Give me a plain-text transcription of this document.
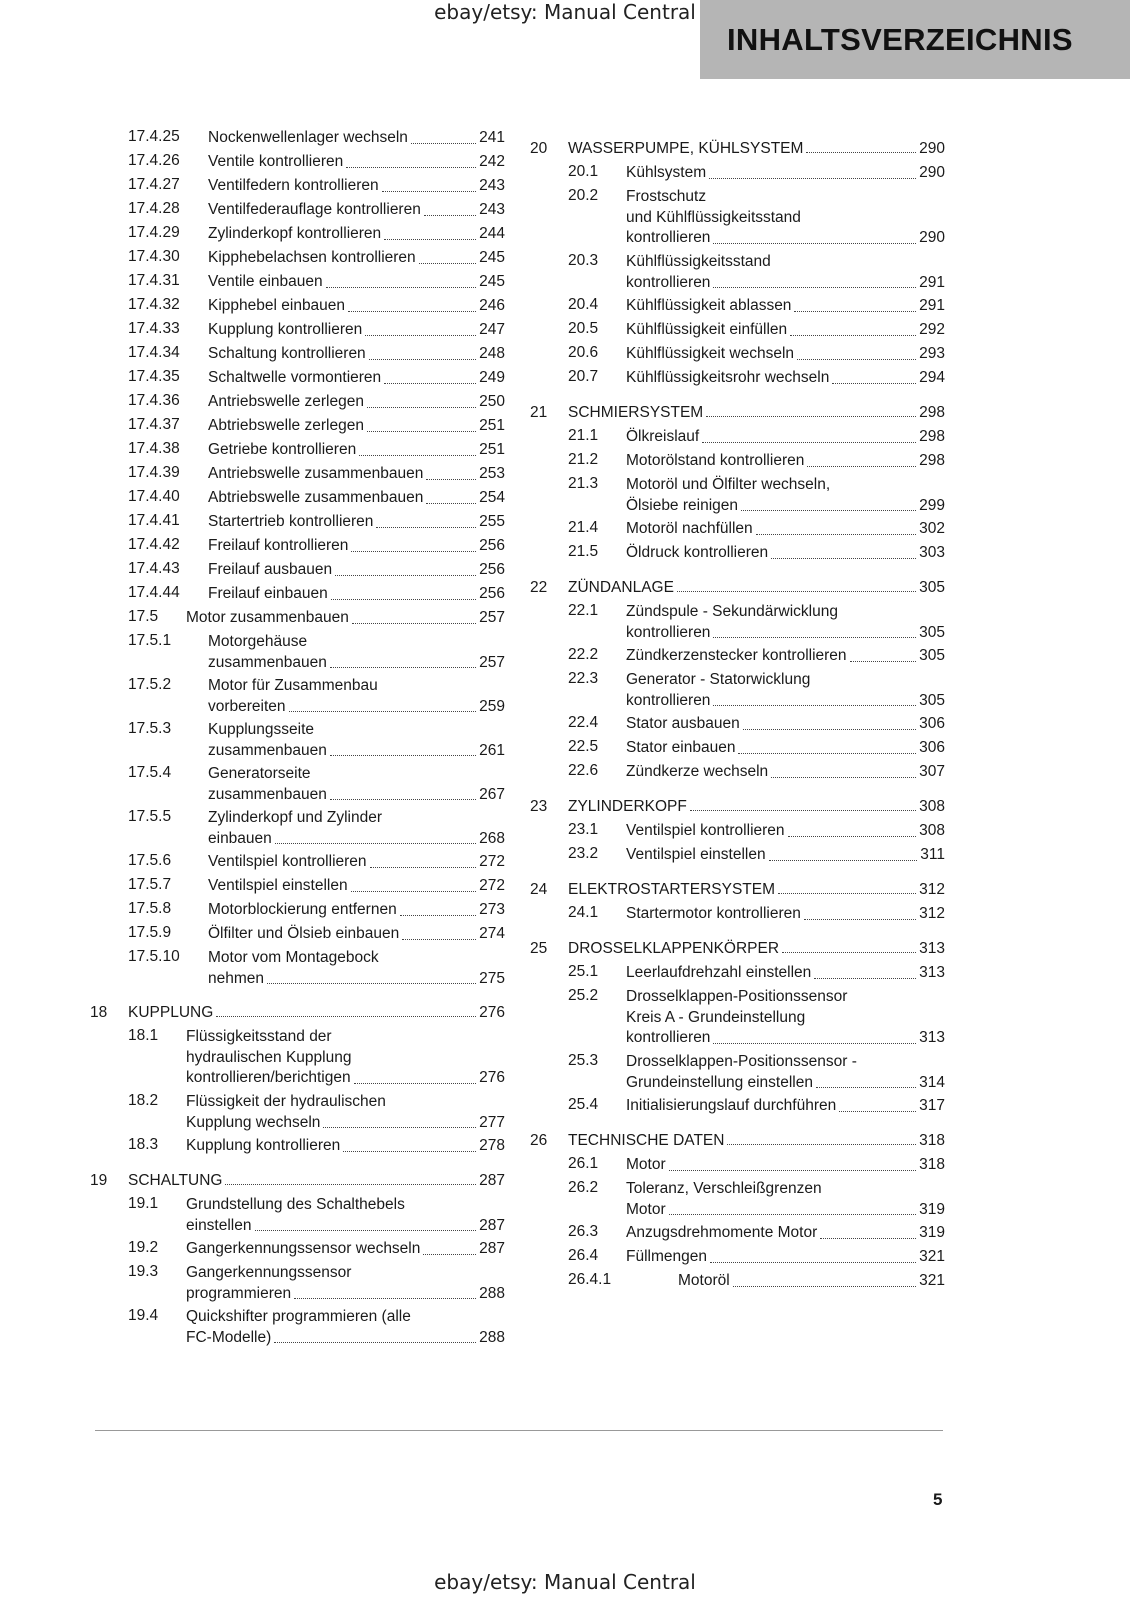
ebay/etsy: Manual Central
INHALTSVERZEICHNIS
17.4.25 Nockenwellenlager wechseln	241
17.4.26 Ventile kontrollieren	242
17.4.27 Ventilfedern kontrollieren	243
17.4.28 Ventilfederauflage kontrollieren	243
17.4.29 Zylinderkopf kontrollieren	244
17.4.30 Kipphebelachsen kontrollieren	245
17.4.31 Ventile einbauen	245
17.4.32 Kipphebel einbauen	246
17.4.33 Kupplung kontrollieren	247
17.4.34 Schaltung kontrollieren	248
17.4.35 Schaltwelle vormontieren	249
17.4.36 Antriebswelle zerlegen	250
17.4.37 Abtriebswelle zerlegen	251
17.4.38 Getriebe kontrollieren	251
17.4.39 Antriebswelle zusammenbauen	253
17.4.40 Abtriebswelle zusammenbauen	254
17.4.41 Startertrieb kontrollieren	255
17.4.42 Freilauf kontrollieren	256
17.4.43 Freilauf ausbauen	256
17.4.44 Freilauf einbauen	256
17.5 Motor zusammenbauen	257
17.5.1 Motorgehäuse
zusammenbauen	257
17.5.2 Motor für Zusammenbau
vorbereiten	259
17.5.3 Kupplungsseite
zusammenbauen	261
17.5.4 Generatorseite
zusammenbauen	267
17.5.5 Zylinderkopf und Zylinder
einbauen	268
17.5.6 Ventilspiel kontrollieren	272
17.5.7 Ventilspiel einstellen	272
17.5.8 Motorblockierung entfernen	273
17.5.9 Ölfilter und Ölsieb einbauen	274
17.5.10 Motor vom Montagebock
nehmen	275
18 KUPPLUNG	276
18.1 Flüssigkeitsstand der
hydraulischen Kupplung
kontrollieren/berichtigen	276
18.2 Flüssigkeit der hydraulischen
Kupplung wechseln	277
18.3 Kupplung kontrollieren	278
19 SCHALTUNG	287
19.1 Grundstellung des Schalthebels
einstellen	287
19.2 Gangerkennungssensor wechseln	287
19.3 Gangerkennungssensor
programmieren	288
19.4 Quickshifter programmieren (alle
FC-Modelle)	288
20 WASSERPUMPE, KÜHLSYSTEM	290
20.1 Kühlsystem	290
20.2 Frostschutz
und Kühlflüssigkeitsstand
kontrollieren	290
20.3 Kühlflüssigkeitsstand
kontrollieren	291
20.4 Kühlflüssigkeit ablassen	291
20.5 Kühlflüssigkeit einfüllen	292
20.6 Kühlflüssigkeit wechseln	293
20.7 Kühlflüssigkeitsrohr wechseln	294
21 SCHMIERSYSTEM	298
21.1 Ölkreislauf	298
21.2 Motorölstand kontrollieren	298
21.3 Motoröl und Ölfilter wechseln,
Ölsiebe reinigen	299
21.4 Motoröl nachfüllen	302
21.5 Öldruck kontrollieren	303
22 ZÜNDANLAGE	305
22.1 Zündspule - Sekundärwicklung
kontrollieren	305
22.2 Zündkerzenstecker kontrollieren	305
22.3 Generator - Statorwicklung
kontrollieren	305
22.4 Stator ausbauen	306
22.5 Stator einbauen	306
22.6 Zündkerze wechseln	307
23 ZYLINDERKOPF	308
23.1 Ventilspiel kontrollieren	308
23.2 Ventilspiel einstellen	311
24 ELEKTROSTARTERSYSTEM	312
24.1 Startermotor kontrollieren	312
25 DROSSELKLAPPENKÖRPER	313
25.1 Leerlaufdrehzahl einstellen	313
25.2 Drosselklappen-Positionssensor
Kreis A - Grundeinstellung
kontrollieren	313
25.3 Drosselklappen-Positionssensor -
Grundeinstellung einstellen	314
25.4 Initialisierungslauf durchführen	317
26 TECHNISCHE DATEN	318
26.1 Motor	318
26.2 Toleranz, Verschleißgrenzen
Motor	319
26.3 Anzugsdrehmomente Motor	319
26.4 Füllmengen	321
26.4.1	Motoröl	321
5
ebay/etsy: Manual Central
